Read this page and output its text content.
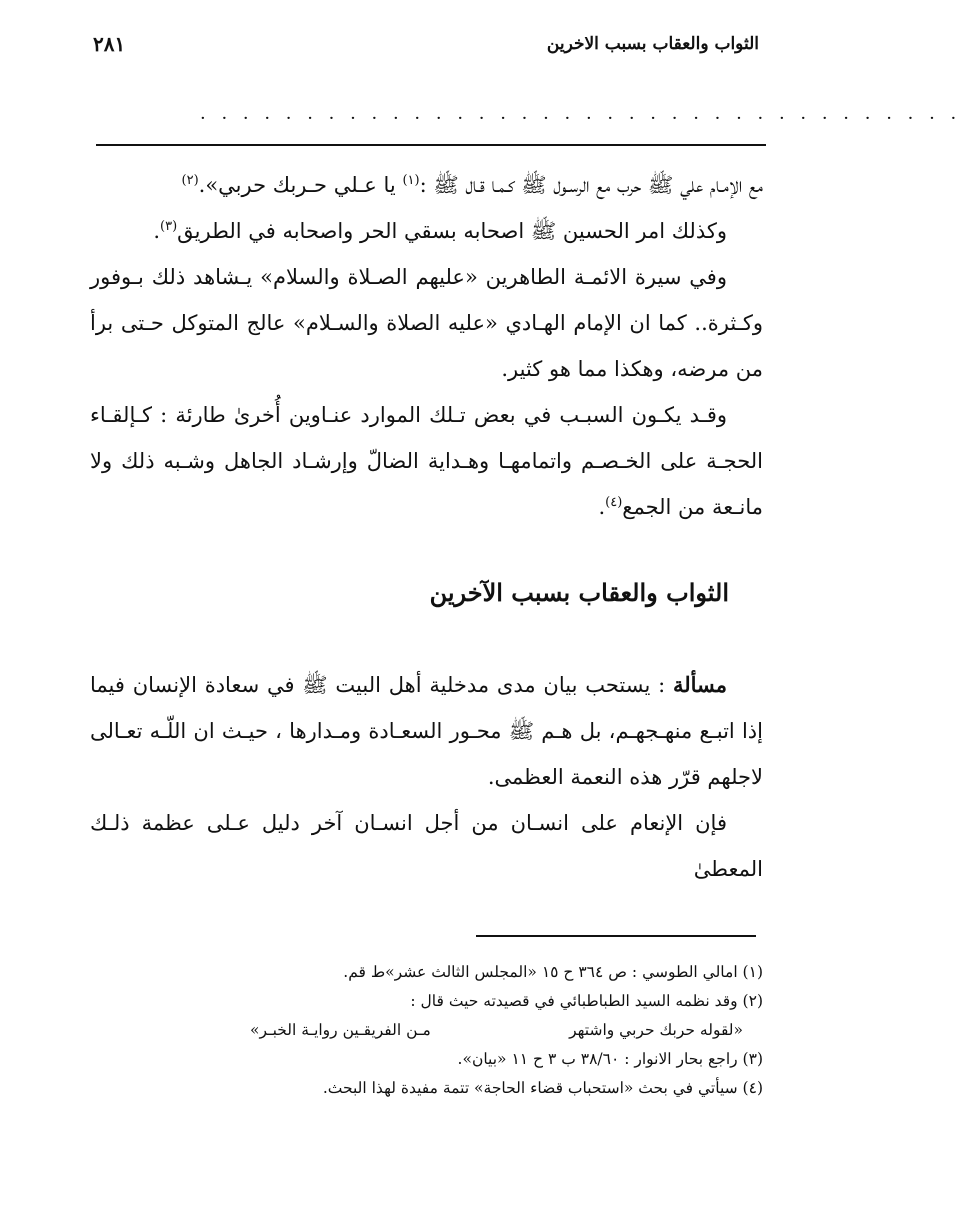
الثواب والعقاب بسبب الاخرين
٢٨١
· · · · · · · · · · · · · · · · · · · · · · · · · · · · · · · · · · · ·

مع الإمـام علي ﷺ حرب مع الرسـول ﷺ كـمـا قـال ﷺ :$^{(١)}$ يا عـلي حـربك حربي».$^{(٢)}$

وكذلك امر الحسين ﷺ اصحابه بسقي الحر واصحابه في الطريق$^{(٣)}$.

وفي سيرة الائمـة الطاهرين «عليهم الصـلاة والسلام» يـشاهد ذلك بـوفور وكـثرة.. كما ان الإمام الهـادي «عليه الصلاة والسـلام» عالج المتوكل حـتى برأ من مرضه، وهكذا مما هو كثير.

وقـد يكـون السبـب في بعض تـلك الموارد عنـاوين أُخرىٰ طارئة : كـإلقـاء الحجـة على الخـصـم واتمامهـا وهـداية الضالّ وإرشـاد الجاهل وشـبه ذلك ولا مانـعة من الجمع$^{(٤)}$.

الثواب والعقاب بسبب الآخرين

مسألة : يستحب بيان مدى مدخلية أهل البيت ﷺ في سعادة الإنسان فيما إذا اتبـع منهـجهـم، بل هـم ﷺ محـور السعـادة ومـدارها ، حيـث ان اللّـه تعـالى لاجلهم قرّر هذه النعمة العظمى.

فإن الإنعام على انسـان من أجل انسـان آخر دليل عـلى عظمة ذلـك المعطىٰ

(١) امالي الطوسي : ص ٣٦٤ ح ١٥ «المجلس الثالث عشر»ط قم.
(٢) وقد نظمه السيد الطباطبائي في قصيدته حيث قال :
«لقوله حربك حربي واشتهر
مـن الفريقـين روايـة الخبـر»
(٣) راجع بحار الانوار : ٣٨/٦٠ ب ٣ ح ١١ «بيان».
(٤) سيأتي في بحث «استحباب قضاء الحاجة» تتمة مفيدة لهذا البحث.
